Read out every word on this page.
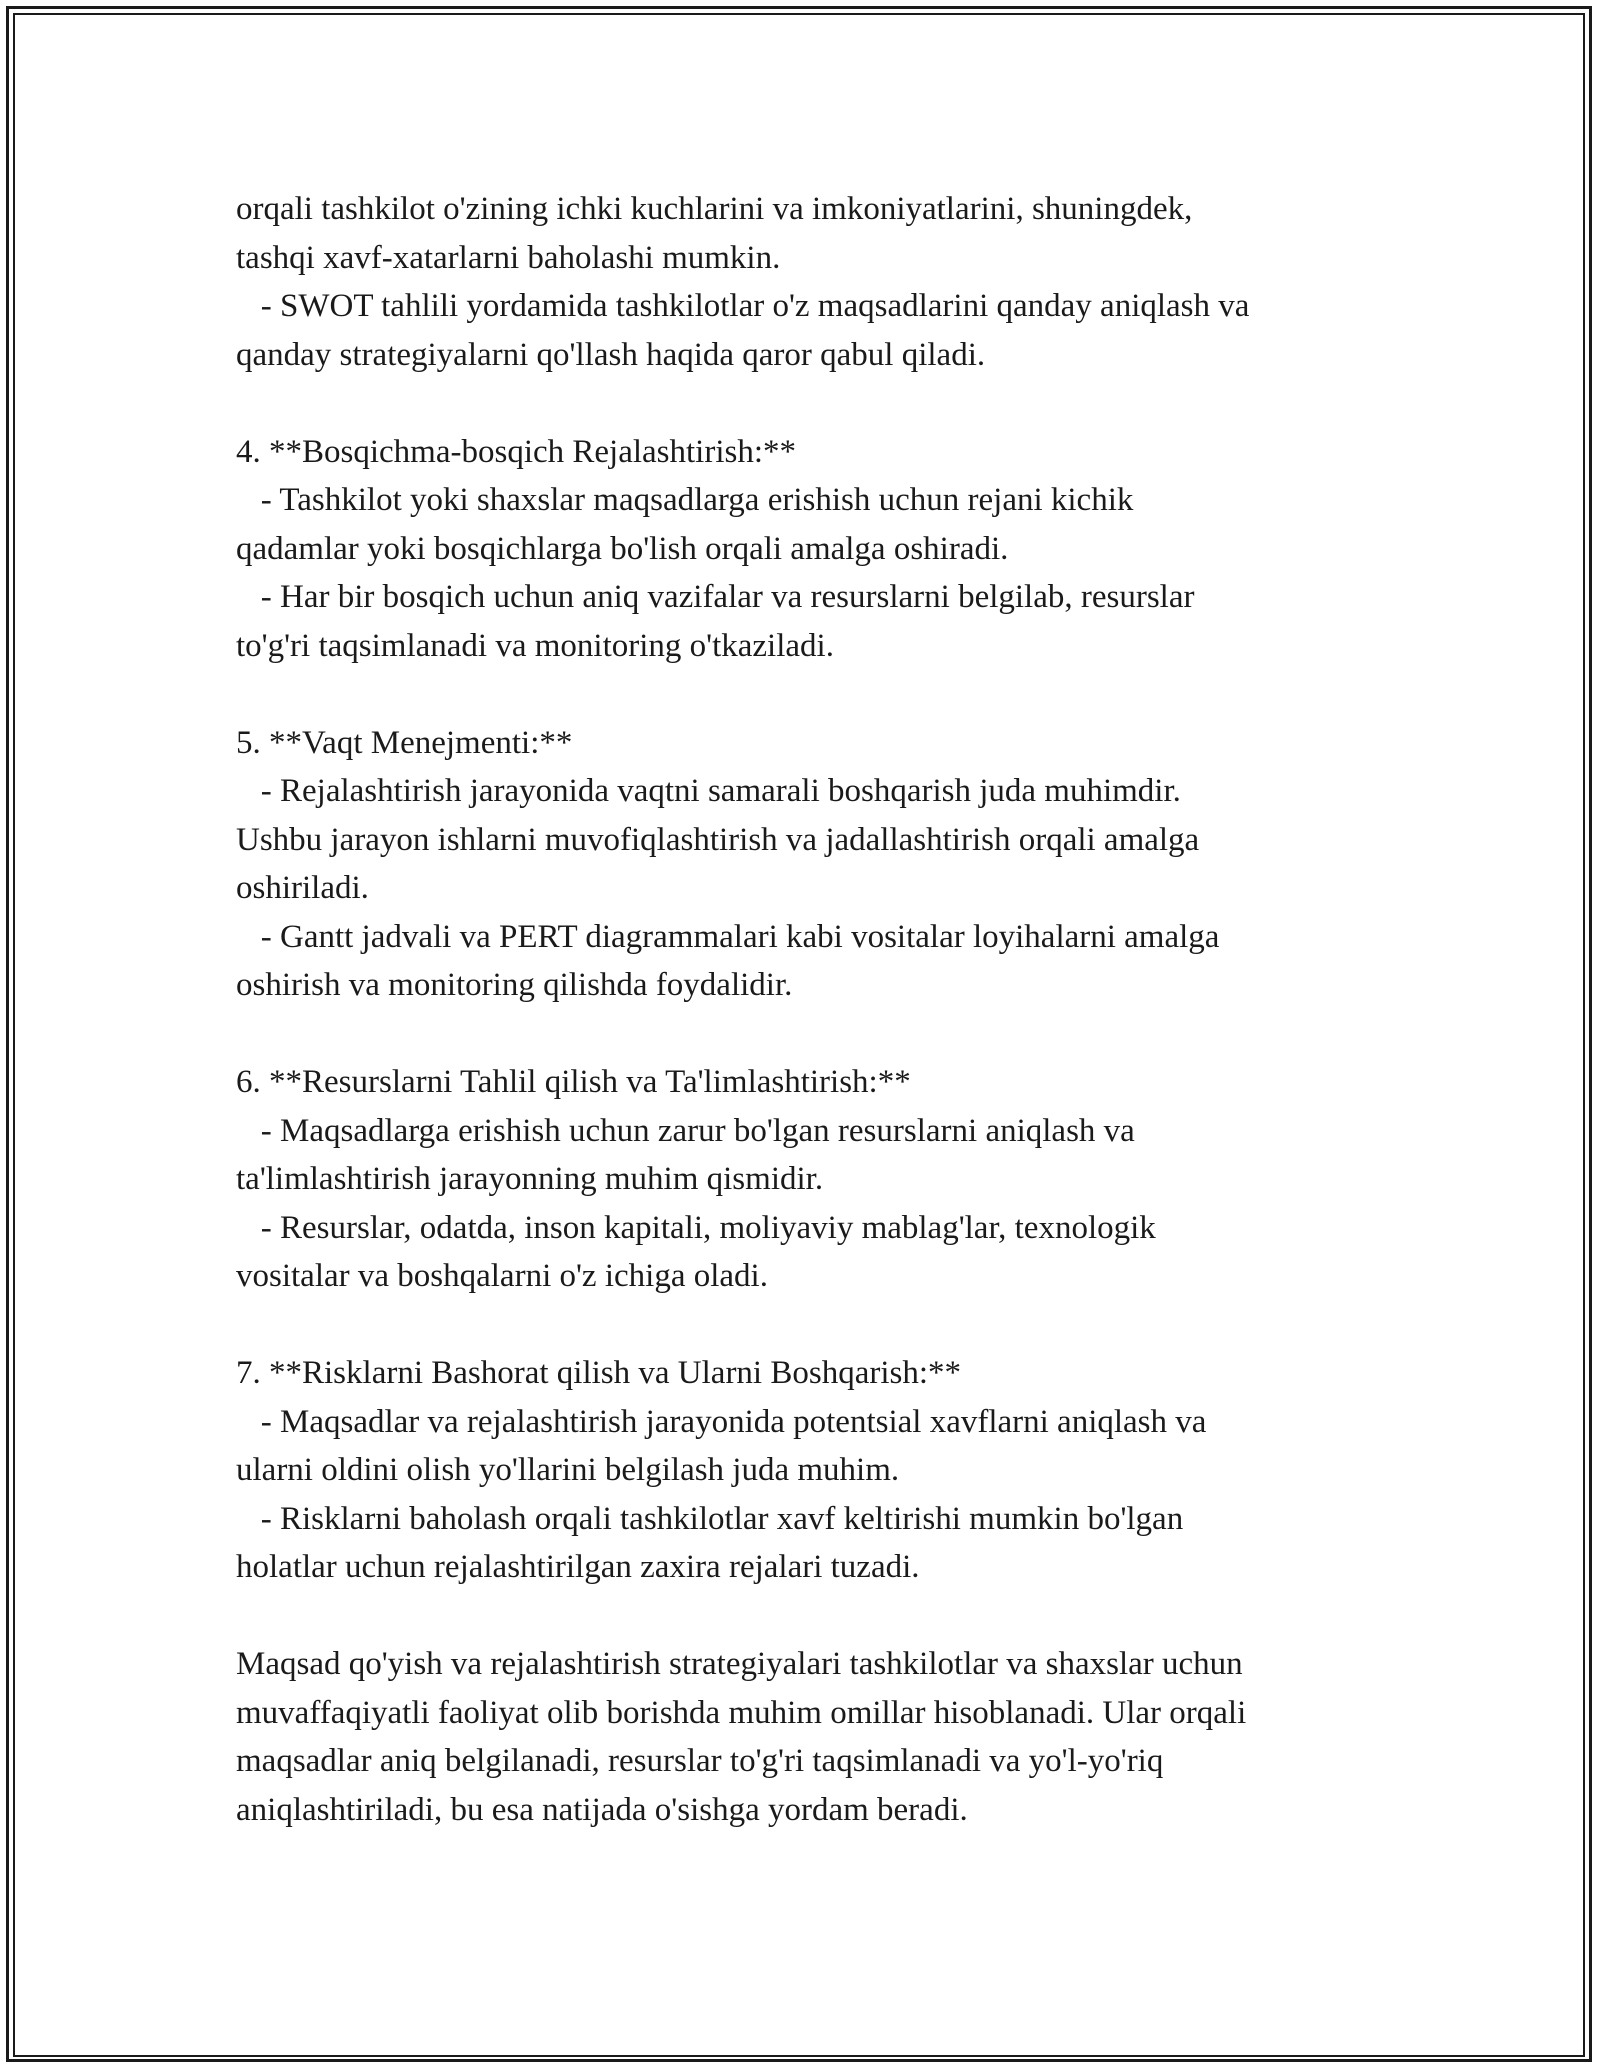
orqali tashkilot o'zining ichki kuchlarini va imkoniyatlarini, shuningdek,
tashqi xavf-xatarlarni baholashi mumkin.
- SWOT tahlili yordamida tashkilotlar o'z maqsadlarini qanday aniqlash va
qanday strategiyalarni qo'llash haqida qaror qabul qiladi.
4. **Bosqichma-bosqich Rejalashtirish:**
- Tashkilot yoki shaxslar maqsadlarga erishish uchun rejani kichik
qadamlar yoki bosqichlarga bo'lish orqali amalga oshiradi.
- Har bir bosqich uchun aniq vazifalar va resurslarni belgilab, resurslar
to'g'ri taqsimlanadi va monitoring o'tkaziladi.
5. **Vaqt Menejmenti:**
- Rejalashtirish jarayonida vaqtni samarali boshqarish juda muhimdir.
Ushbu jarayon ishlarni muvofiqlashtirish va jadallashtirish orqali amalga
oshiriladi.
- Gantt jadvali va PERT diagrammalari kabi vositalar loyihalarni amalga
oshirish va monitoring qilishda foydalidir.
6. **Resurslarni Tahlil qilish va Ta'limlashtirish:**
- Maqsadlarga erishish uchun zarur bo'lgan resurslarni aniqlash va
ta'limlashtirish jarayonning muhim qismidir.
- Resurslar, odatda, inson kapitali, moliyaviy mablag'lar, texnologik
vositalar va boshqalarni o'z ichiga oladi.
7. **Risklarni Bashorat qilish va Ularni Boshqarish:**
- Maqsadlar va rejalashtirish jarayonida potentsial xavflarni aniqlash va
ularni oldini olish yo'llarini belgilash juda muhim.
- Risklarni baholash orqali tashkilotlar xavf keltirishi mumkin bo'lgan
holatlar uchun rejalashtirilgan zaxira rejalari tuzadi.
Maqsad qo'yish va rejalashtirish strategiyalari tashkilotlar va shaxslar uchun
muvaffaqiyatli faoliyat olib borishda muhim omillar hisoblanadi. Ular orqali
maqsadlar aniq belgilanadi, resurslar to'g'ri taqsimlanadi va yo'l-yo'riq
aniqlashtiriladi, bu esa natijada o'sishga yordam beradi.
